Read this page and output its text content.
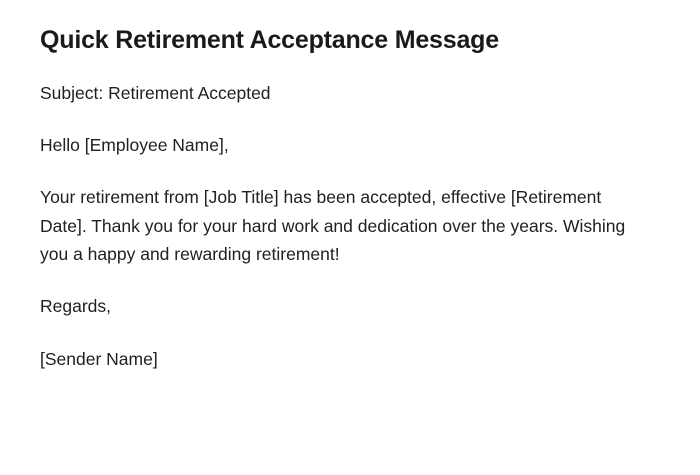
Quick Retirement Acceptance Message

Subject: Retirement Accepted

Hello [Employee Name],

Your retirement from [Job Title] has been accepted, effective [Retirement Date]. Thank you for your hard work and dedication over the years. Wishing you a happy and rewarding retirement!

Regards,

[Sender Name]
